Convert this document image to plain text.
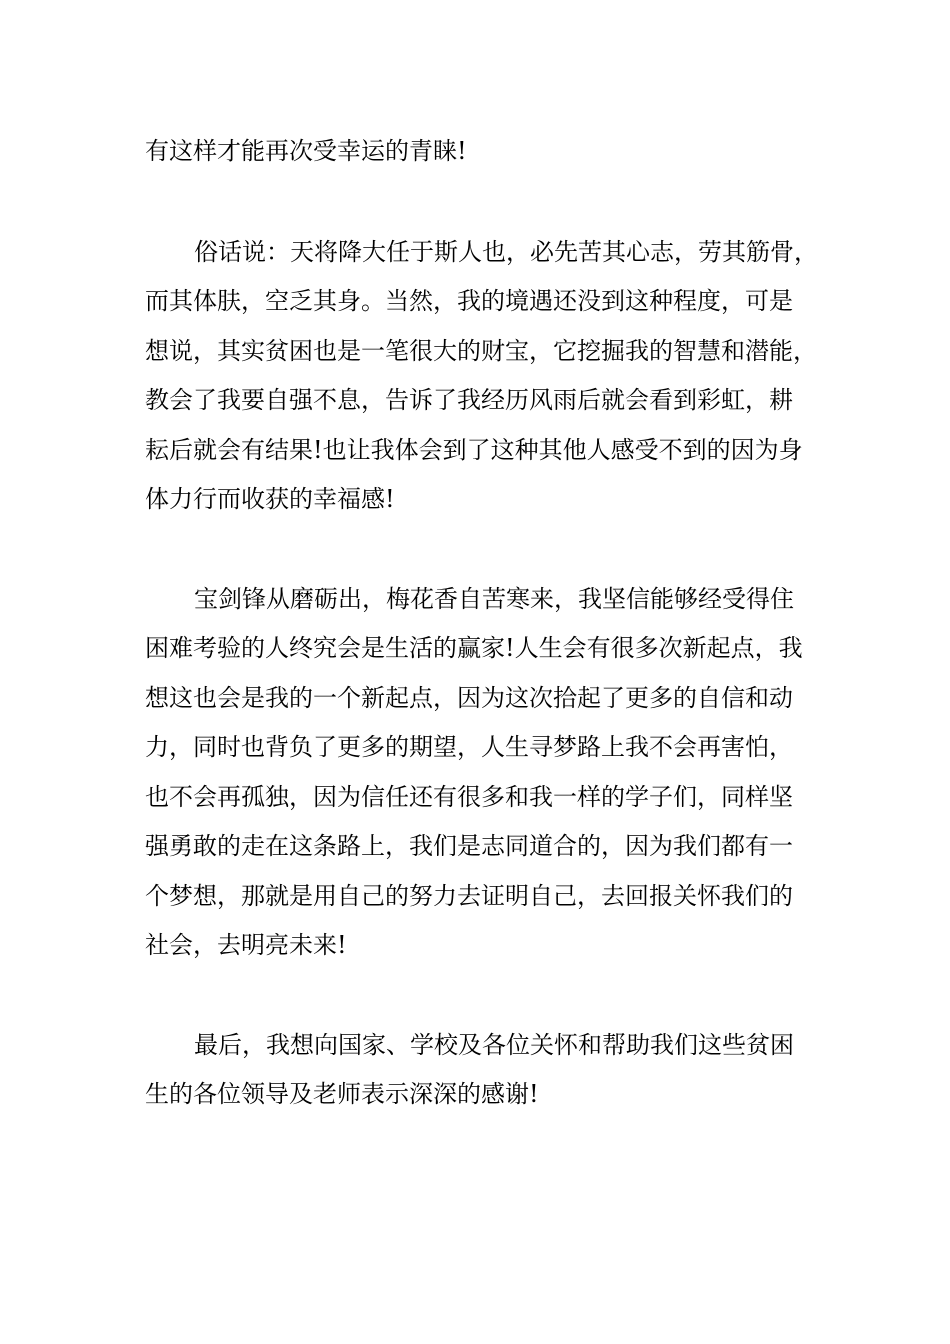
有这样才能再次受幸运的青睐!

俗话说：天将降大任于斯人也，必先苦其心志，劳其筋骨，

而其体肤，空乏其身。当然，我的境遇还没到这种程度，可是

想说，其实贫困也是一笔很大的财宝，它挖掘我的智慧和潜能，

教会了我要自强不息，告诉了我经历风雨后就会看到彩虹，耕

耘后就会有结果!也让我体会到了这种其他人感受不到的因为身

体力行而收获的幸福感!

宝剑锋从磨砺出，梅花香自苦寒来，我坚信能够经受得住

困难考验的人终究会是生活的赢家!人生会有很多次新起点，我

想这也会是我的一个新起点，因为这次拾起了更多的自信和动

力，同时也背负了更多的期望，人生寻梦路上我不会再害怕，

也不会再孤独，因为信任还有很多和我一样的学子们，同样坚

强勇敢的走在这条路上，我们是志同道合的，因为我们都有一

个梦想，那就是用自己的努力去证明自己，去回报关怀我们的

社会，去明亮未来!

最后，我想向国家、学校及各位关怀和帮助我们这些贫困

生的各位领导及老师表示深深的感谢!
